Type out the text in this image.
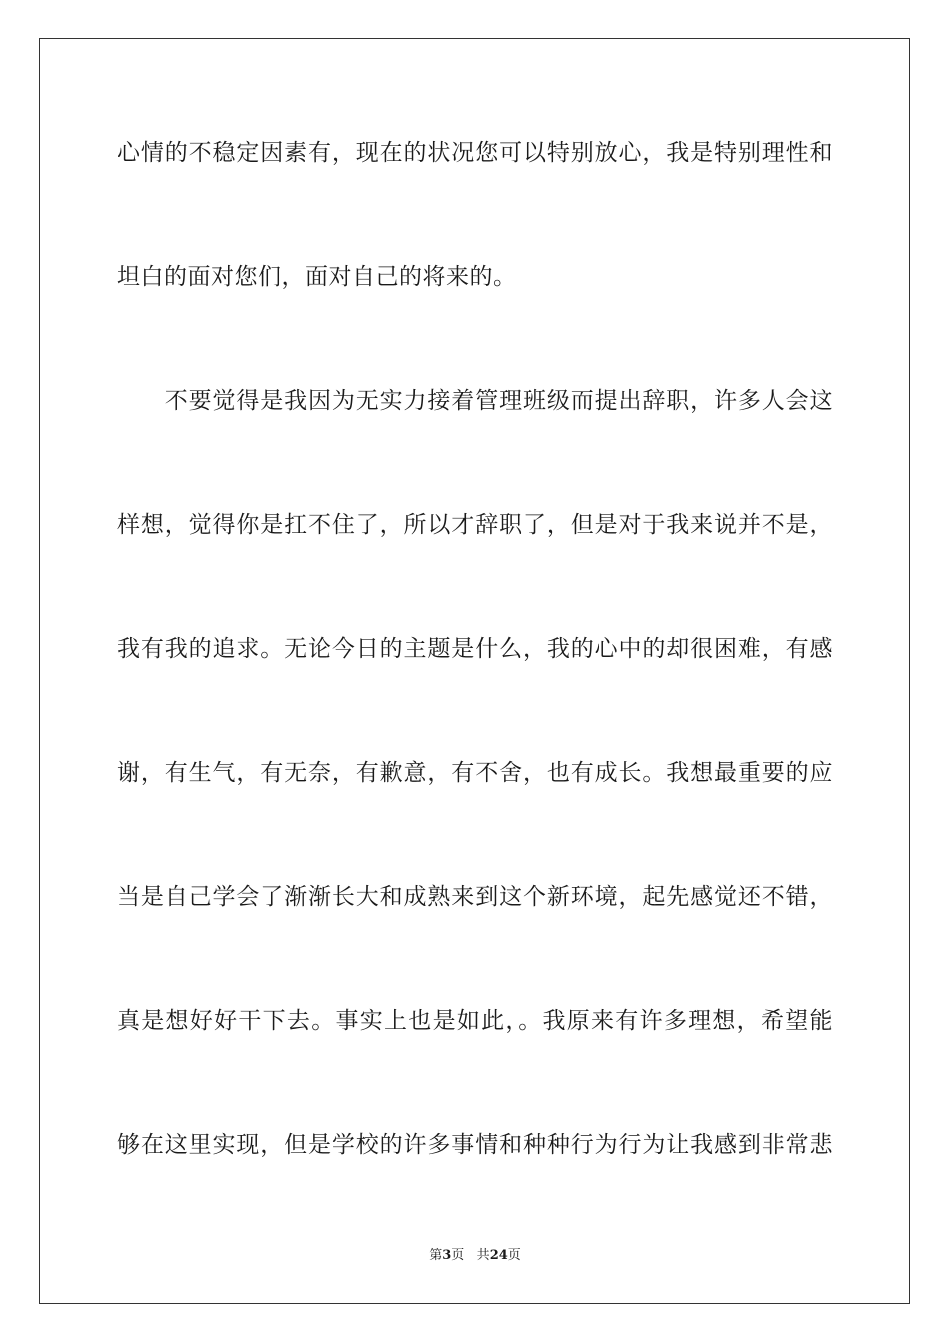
心情的不稳定因素有，现在的状况您可以特别放心，我是特别理性和
坦白的面对您们，面对自己的将来的。
　　不要觉得是我因为无实力接着管理班级而提出辞职，许多人会这
样想，觉得你是扛不住了，所以才辞职了，但是对于我来说并不是，
我有我的追求。无论今日的主题是什么，我的心中的却很困难，有感
谢，有生气，有无奈，有歉意，有不舍，也有成长。我想最重要的应
当是自己学会了渐渐长大和成熟来到这个新环境，起先感觉还不错，
真是想好好干下去。事实上也是如此，。我原来有许多理想，希望能
够在这里实现，但是学校的许多事情和种种行为行为让我感到非常悲
第3页 共24页
